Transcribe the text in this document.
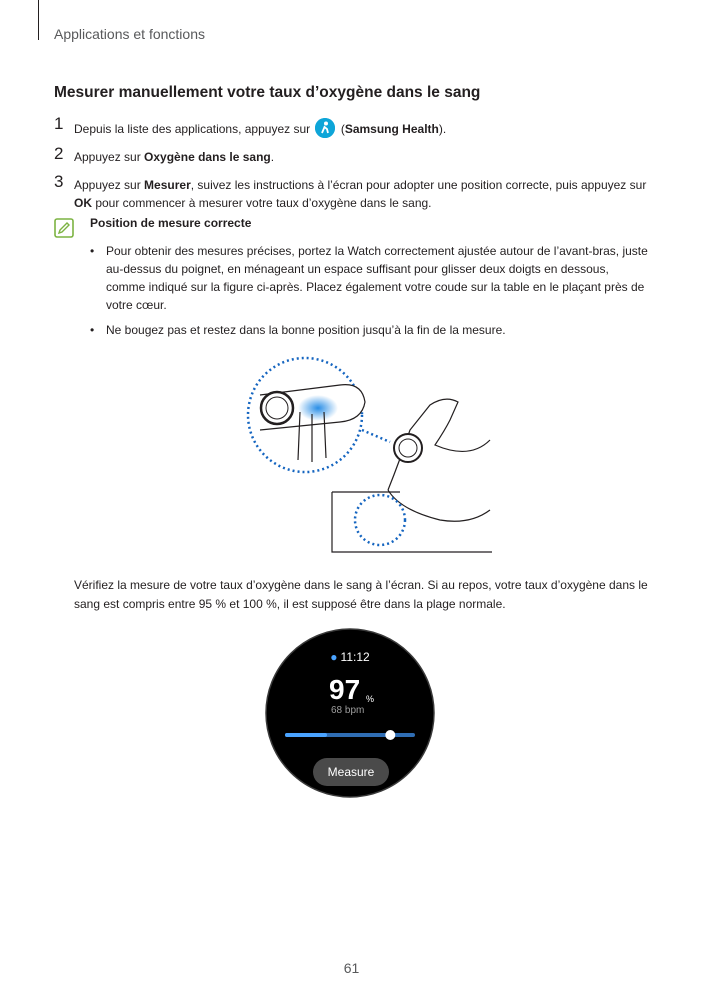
Applications et fonctions
Mesurer manuellement votre taux d’oxygène dans le sang
1 Depuis la liste des applications, appuyez sur	(Samsung Health).
2 Appuyez sur Oxygène dans le sang.
3 Appuyez sur Mesurer, suivez les instructions à l’écran pour adopter une position correcte, puis appuyez sur OK pour commencer à mesurer votre taux d’oxygène dans le sang.
Position de mesure correcte
• Pour obtenir des mesures précises, portez la Watch correctement ajustée autour de l’avant-bras, juste au-dessus du poignet, en ménageant un espace suffisant pour glisser deux doigts en dessous, comme indiqué sur la figure ci-après. Placez également votre coude sur la table en le plaçant près de votre cœur.
• Ne bougez pas et restez dans la bonne position jusqu’à la fin de la mesure.
Vérifiez la mesure de votre taux d’oxygène dans le sang à l’écran. Si au repos, votre taux d’oxygène dans le sang est compris entre 95 % et 100 %, il est supposé être dans la plage normale.
● 11:12
97 %
68 bpm
Measure
61
